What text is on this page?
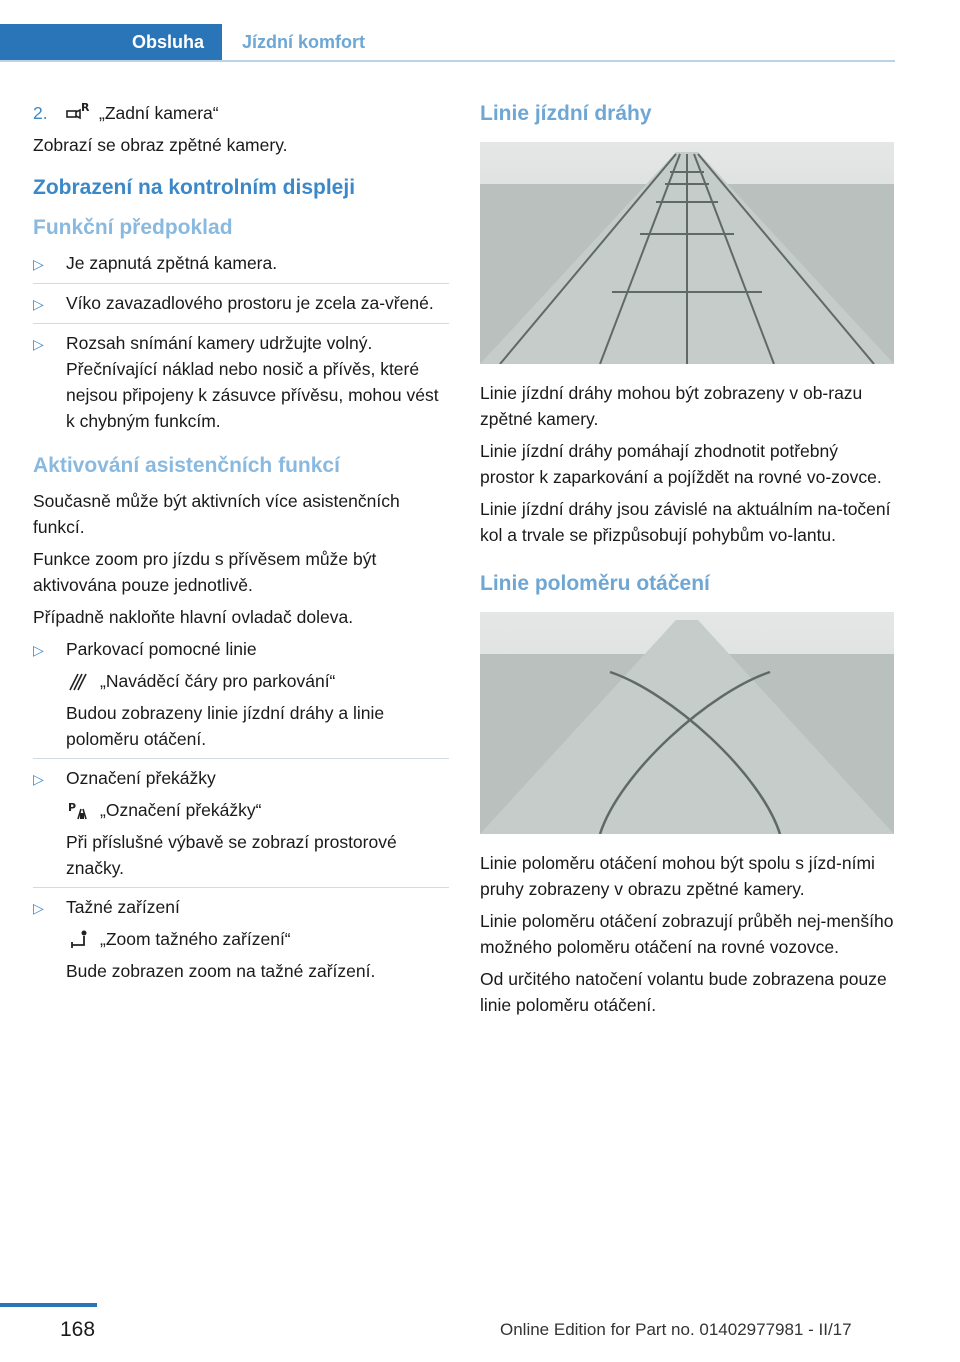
Obsluha	Jízdní komfort
2.	R „Zadní kamera“

Zobrazí se obraz zpětné kamery.

Zobrazení na kontrolním displeji
Funkční předpoklad
▷	Je zapnutá zpětná kamera.
▷	Víko zavazadlového prostoru je zcela za‐vřené.
▷	Rozsah snímání kamery udržujte volný. Přečnívající náklad nebo nosič a přívěs, které nejsou připojeny k zásuvce přívěsu, mohou vést k chybným funkcím.
Aktivování asistenčních funkcí

Současně může být aktivních více asistenčních funkcí.

Funkce zoom pro jízdu s přívěsem může být aktivována pouze jednotlivě.

Případně nakloňte hlavní ovladač doleva.

▷	Parkovací pomocné linie
„Naváděcí čáry pro parkování“

Budou zobrazeny linie jízdní dráhy a linie poloměru otáčení.

▷	Označení překážky
P „Označení překážky“

Při příslušné výbavě se zobrazí prostorové značky.

▷	Tažné zařízení
„Zoom tažného zařízení“

Bude zobrazen zoom na tažné zařízení.

Linie jízdní dráhy

Linie jízdní dráhy mohou být zobrazeny v ob‐razu zpětné kamery.

Linie jízdní dráhy pomáhají zhodnotit potřebný prostor k zaparkování a pojíždět na rovné vo‐zovce.

Linie jízdní dráhy jsou závislé na aktuálním na‐točení kol a trvale se přizpůsobují pohybům vo‐lantu.

Linie poloměru otáčení

Linie poloměru otáčení mohou být spolu s jízd‐ními pruhy zobrazeny v obrazu zpětné kamery.

Linie poloměru otáčení zobrazují průběh nej‐menšího možného poloměru otáčení na rovné vozovce.

Od určitého natočení volantu bude zobrazena pouze linie poloměru otáčení.

168	Online Edition for Part no. 01402977981 - II/17
